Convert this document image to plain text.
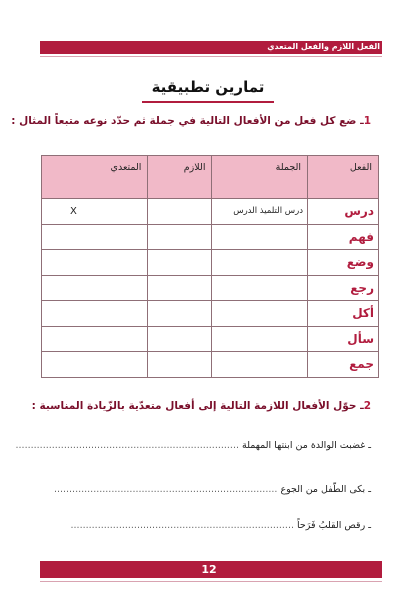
الفعل اللازم والفعل المتعدي
تمارين تطبيقية
1ـ ضع كل فعل من الأفعال التالية في جملة ثم حدّد نوعه متبعاً المثال :
الفعل	الجملة	اللازم	المتعدي
درس	درس التلميذ الدرس		X
فهم			
وضع			
رجع			
أكل			
سأل			
جمع			
2ـ حوّل الأفعال اللازمة التالية إلى أفعال متعدّية بالزّيادة المناسبة :
ـ غضبت الوالدة من ابنتها المهملة ..........................................................................
ـ بكى الطّفل من الجوع ..........................................................................
ـ رقص القلبُ فَرَحاً ..........................................................................
12
